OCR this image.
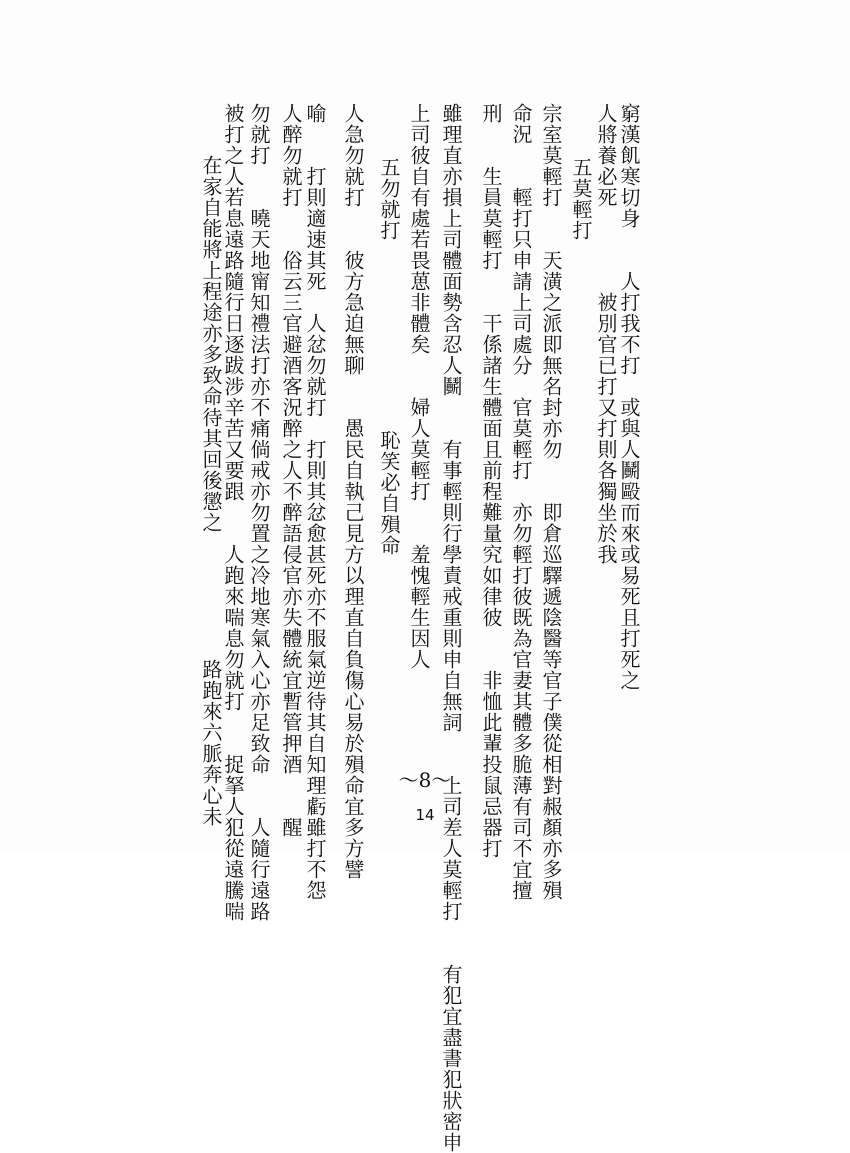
窮漢飢寒切身　　人打我不打　或與人鬭毆而來或易死且打死之
人將養必死　　　　被別官已打又打則各獨坐於我
五莫輕打
宗室莫輕打　　天潢之派即無名封亦勿　　即倉巡驛遞陰醫等官子僕從相對赧顏亦多殞
命況　　輕打只申請上司處分　官莫輕打　亦勿輕打彼既為官妻其體多脆薄有司不宜擅
刑　　生員莫輕打　　干係諸生體面且前程難量究如律彼　　非恤此輩投鼠忌器打
雖理直亦損上司體面勢含忍人鬭　　有事輕則行學責戒重則申自無詞　　上司差人莫輕打　　有犯宜盡書犯狀密申
上司彼自有處若畏葸非體矣　　婦人莫輕打　　羞愧輕生因人
五勿就打　　　　　　　　　恥笑必自殞命
人急勿就打　　彼方急迫無聊　　愚民自執己見方以理直自負傷心易於殞命宜多方譬
喻　　打則適速其死　人忿勿就打　打則其忿愈甚死亦不服氣逆待其自知理虧雖打不怨
人醉勿就打　　俗云三官避酒客況醉之人不醉語侵官亦失體統宜暫管押酒　　醒
勿就打　　曉天地甯知禮法打亦不痛倘戒亦勿置之冷地寒氣入心亦足致命　　人隨行遠路
被打之人若息遠路隨行日逐跋涉辛苦又要跟　　人跑來喘息勿就打　　捉拏人犯從遠騰喘
在家自能將上程途亦多致命待其回後懲之　　　　　　路跑來六脈奔心未	～8～
14
